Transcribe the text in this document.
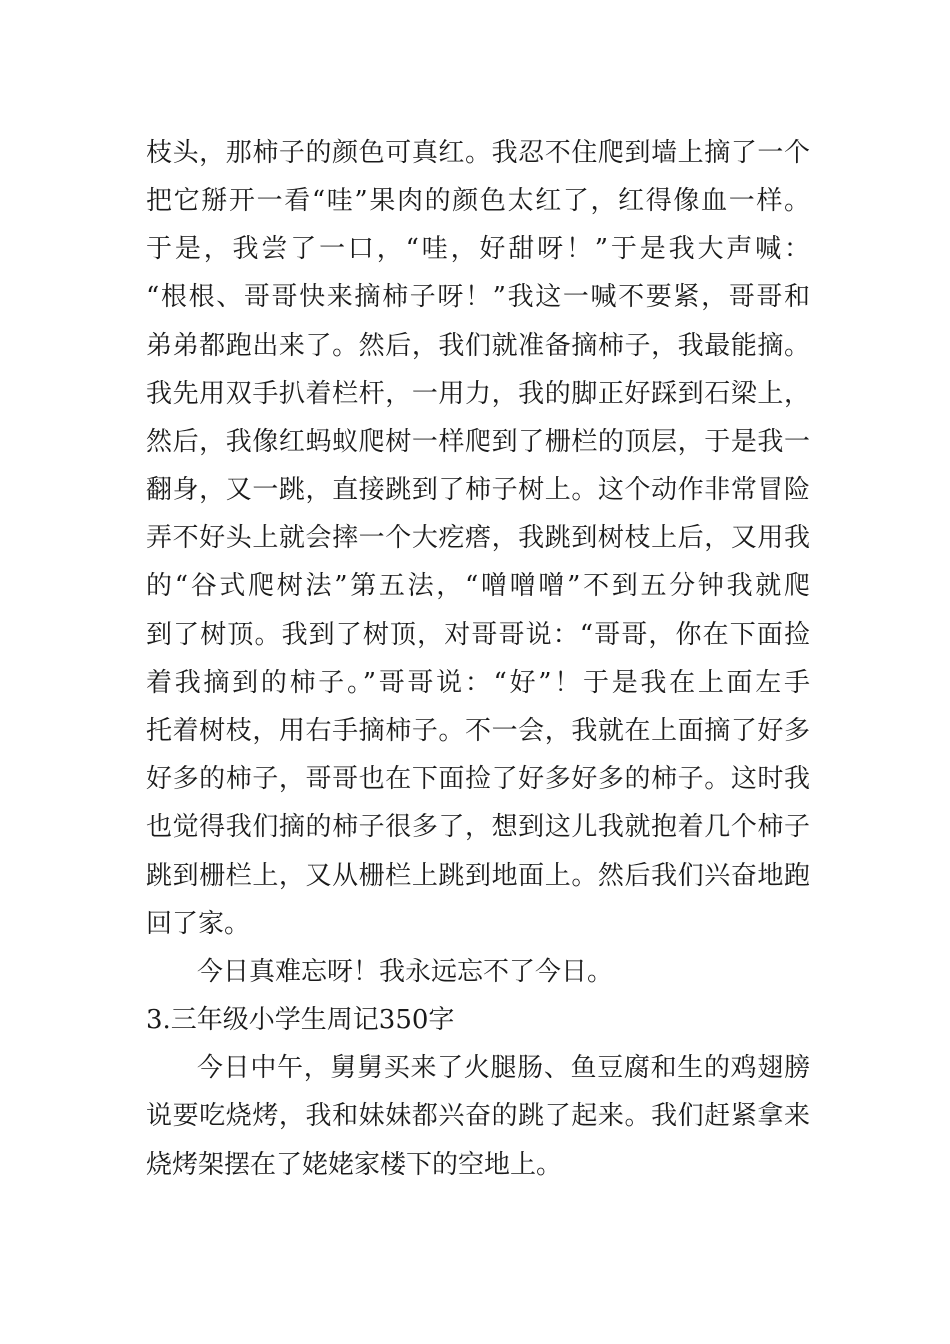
枝头，那柿子的颜色可真红。我忍不住爬到墙上摘了一个
把它掰开一看“哇”果肉的颜色太红了，红得像血一样。
于是，我尝了一口，“哇，好甜呀！”于是我大声喊：
“根根、哥哥快来摘柿子呀！”我这一喊不要紧，哥哥和
弟弟都跑出来了。然后，我们就准备摘柿子，我最能摘。
我先用双手扒着栏杆，一用力，我的脚正好踩到石梁上，
然后，我像红蚂蚁爬树一样爬到了栅栏的顶层，于是我一
翻身，又一跳，直接跳到了柿子树上。这个动作非常冒险
弄不好头上就会摔一个大疙瘩，我跳到树枝上后，又用我
的“谷式爬树法”第五法，“噌噌噌”不到五分钟我就爬
到了树顶。我到了树顶，对哥哥说：“哥哥，你在下面捡
着我摘到的柿子。”哥哥说：“好”！于是我在上面左手
托着树枝，用右手摘柿子。不一会，我就在上面摘了好多
好多的柿子，哥哥也在下面捡了好多好多的柿子。这时我
也觉得我们摘的柿子很多了，想到这儿我就抱着几个柿子
跳到栅栏上，又从栅栏上跳到地面上。然后我们兴奋地跑
回了家。
今日真难忘呀！我永远忘不了今日。
3.三年级小学生周记350字
今日中午，舅舅买来了火腿肠、鱼豆腐和生的鸡翅膀
说要吃烧烤，我和妹妹都兴奋的跳了起来。我们赶紧拿来
烧烤架摆在了姥姥家楼下的空地上。
